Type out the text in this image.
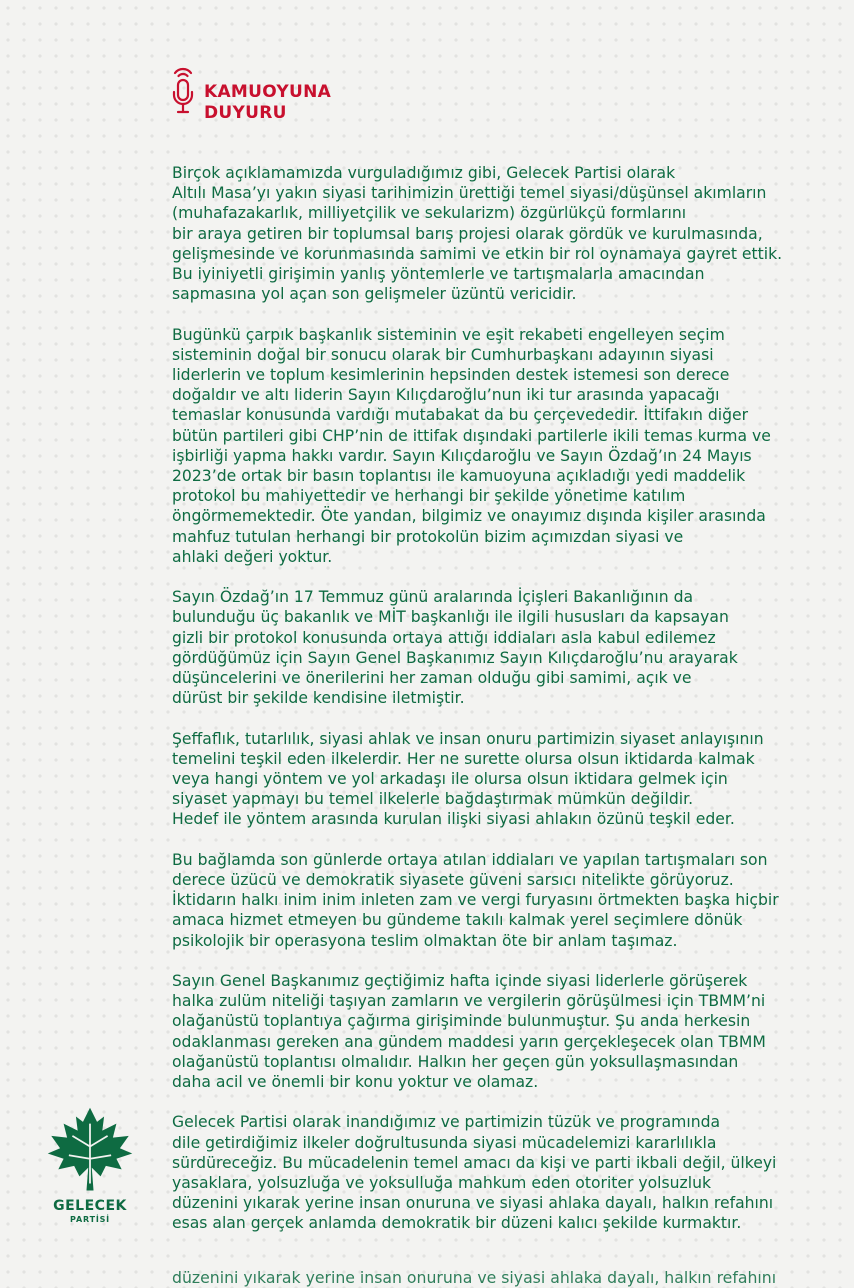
KAMUOYUNA
DUYURU
Birçok açıklamamızda vurguladığımız gibi, Gelecek Partisi olarak
Altılı Masa’yı yakın siyasi tarihimizin ürettiği temel siyasi/düşünsel akımların
(muhafazakarlık, milliyetçilik ve sekularizm) özgürlükçü formlarını
bir araya getiren bir toplumsal barış projesi olarak gördük ve kurulmasında,
gelişmesinde ve korunmasında samimi ve etkin bir rol oynamaya gayret ettik.
Bu iyiniyetli girişimin yanlış yöntemlerle ve tartışmalarla amacından
sapmasına yol açan son gelişmeler üzüntü vericidir.
Bugünkü çarpık başkanlık sisteminin ve eşit rekabeti engelleyen seçim
sisteminin doğal bir sonucu olarak bir Cumhurbaşkanı adayının siyasi
liderlerin ve toplum kesimlerinin hepsinden destek istemesi son derece
doğaldır ve altı liderin Sayın Kılıçdaroğlu’nun iki tur arasında yapacağı
temaslar konusunda vardığı mutabakat da bu çerçevededir. İttifakın diğer
bütün partileri gibi CHP’nin de ittifak dışındaki partilerle ikili temas kurma ve
işbirliği yapma hakkı vardır. Sayın Kılıçdaroğlu ve Sayın Özdağ’ın 24 Mayıs
2023’de ortak bir basın toplantısı ile kamuoyuna açıkladığı yedi maddelik
protokol bu mahiyettedir ve herhangi bir şekilde yönetime katılım
öngörmemektedir. Öte yandan, bilgimiz ve onayımız dışında kişiler arasında
mahfuz tutulan herhangi bir protokolün bizim açımızdan siyasi ve
ahlaki değeri yoktur.
Sayın Özdağ’ın 17 Temmuz günü aralarında İçişleri Bakanlığının da
bulunduğu üç bakanlık ve MİT başkanlığı ile ilgili hususları da kapsayan
gizli bir protokol konusunda ortaya attığı iddiaları asla kabul edilemez
gördüğümüz için Sayın Genel Başkanımız Sayın Kılıçdaroğlu’nu arayarak
düşüncelerini ve önerilerini her zaman olduğu gibi samimi, açık ve
dürüst bir şekilde kendisine iletmiştir.
Şeffaflık, tutarlılık, siyasi ahlak ve insan onuru partimizin siyaset anlayışının
temelini teşkil eden ilkelerdir. Her ne surette olursa olsun iktidarda kalmak
veya hangi yöntem ve yol arkadaşı ile olursa olsun iktidara gelmek için
siyaset yapmayı bu temel ilkelerle bağdaştırmak mümkün değildir.
Hedef ile yöntem arasında kurulan ilişki siyasi ahlakın özünü teşkil eder.
Bu bağlamda son günlerde ortaya atılan iddiaları ve yapılan tartışmaları son
derece üzücü ve demokratik siyasete güveni sarsıcı nitelikte görüyoruz.
İktidarın halkı inim inim inleten zam ve vergi furyasını örtmekten başka hiçbir
amaca hizmet etmeyen bu gündeme takılı kalmak yerel seçimlere dönük
psikolojik bir operasyona teslim olmaktan öte bir anlam taşımaz.
Sayın Genel Başkanımız geçtiğimiz hafta içinde siyasi liderlerle görüşerek
halka zulüm niteliği taşıyan zamların ve vergilerin görüşülmesi için TBMM’ni
olağanüstü toplantıya çağırma girişiminde bulunmuştur. Şu anda herkesin
odaklanması gereken ana gündem maddesi yarın gerçekleşecek olan TBMM
olağanüstü toplantısı olmalıdır. Halkın her geçen gün yoksullaşmasından
daha acil ve önemli bir konu yoktur ve olamaz.
Gelecek Partisi olarak inandığımız ve partimizin tüzük ve programında
dile getirdiğimiz ilkeler doğrultusunda siyasi mücadelemizi kararlılıkla
sürdüreceğiz. Bu mücadelenin temel amacı da kişi ve parti ikbali değil, ülkeyi
yasaklara, yolsuzluğa ve yoksulluğa mahkum eden otoriter yolsuzluk
düzenini yıkarak yerine insan onuruna ve siyasi ahlaka dayalı, halkın refahını
esas alan gerçek anlamda demokratik bir düzeni kalıcı şekilde kurmaktır.
GELECEK
PARTİSİ
düzenini yıkarak yerine insan onuruna ve siyasi ahlaka dayalı, halkın refahını
